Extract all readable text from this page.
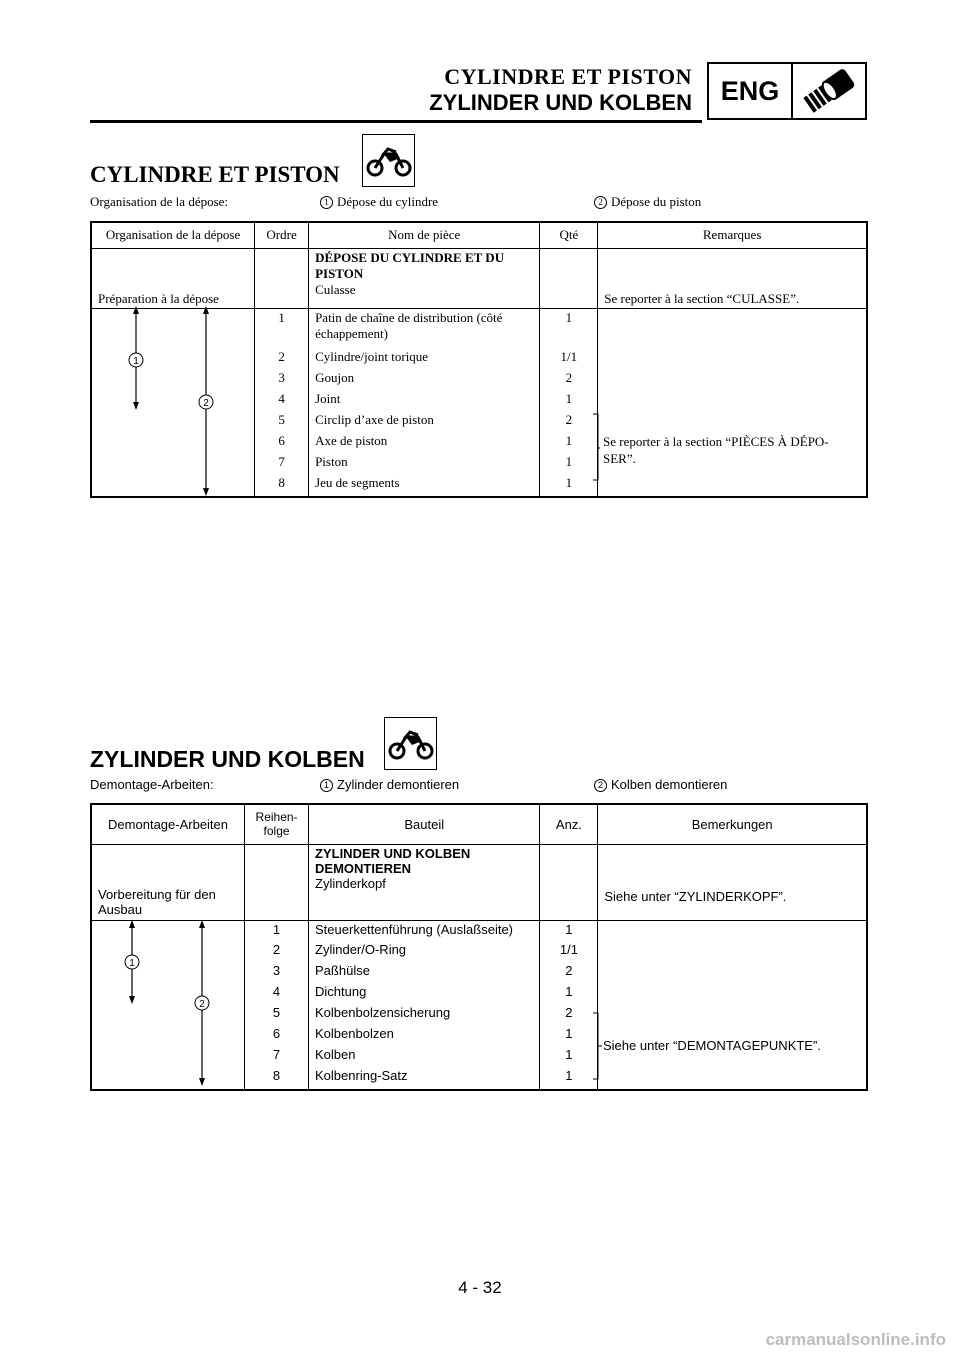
CYLINDRE ET PISTON
ZYLINDER UND KOLBEN	ENG
CYLINDRE ET PISTON
Organisation de la dépose:	1 Dépose du cylindre	2 Dépose du piston
Organisation de la dépose	Ordre	Nom de pièce	Qté	Remarques
Préparation à la dépose		DÉPOSE DU CYLINDRE ET DU PISTON
Culasse		Se reporter à la section “CULASSE”.
	1	Patin de chaîne de distribution (côté échappement)	1	
	2	Cylindre/joint torique	1/1	
	3	Goujon	2	
	4	Joint	1	
	5	Circlip d’axe de piston	2	
	6	Axe de piston	1	
	7	Piston	1	
	8	Jeu de segments	1	
1
2
Se reporter à la section “PIÈCES À DÉPO- SER”.
ZYLINDER UND KOLBEN
Demontage-Arbeiten:	1 Zylinder demontieren	2 Kolben demontieren
Demontage-Arbeiten	Reihen- folge	Bauteil	Anz.	Bemerkungen
Vorbereitung für den Ausbau		ZYLINDER UND KOLBEN DEMONTIEREN
Zylinderkopf		Siehe unter “ZYLINDERKOPF”.
	1	Steuerkettenführung (Auslaßseite)	1	
	2	Zylinder/O-Ring	1/1	
	3	Paßhülse	2	
	4	Dichtung	1	
	5	Kolbenbolzensicherung	2	
	6	Kolbenbolzen	1	
	7	Kolben	1	
	8	Kolbenring-Satz	1	
1
2
Siehe unter “DEMONTAGEPUNKTE”.
4 - 32
carmanualsonline.info
